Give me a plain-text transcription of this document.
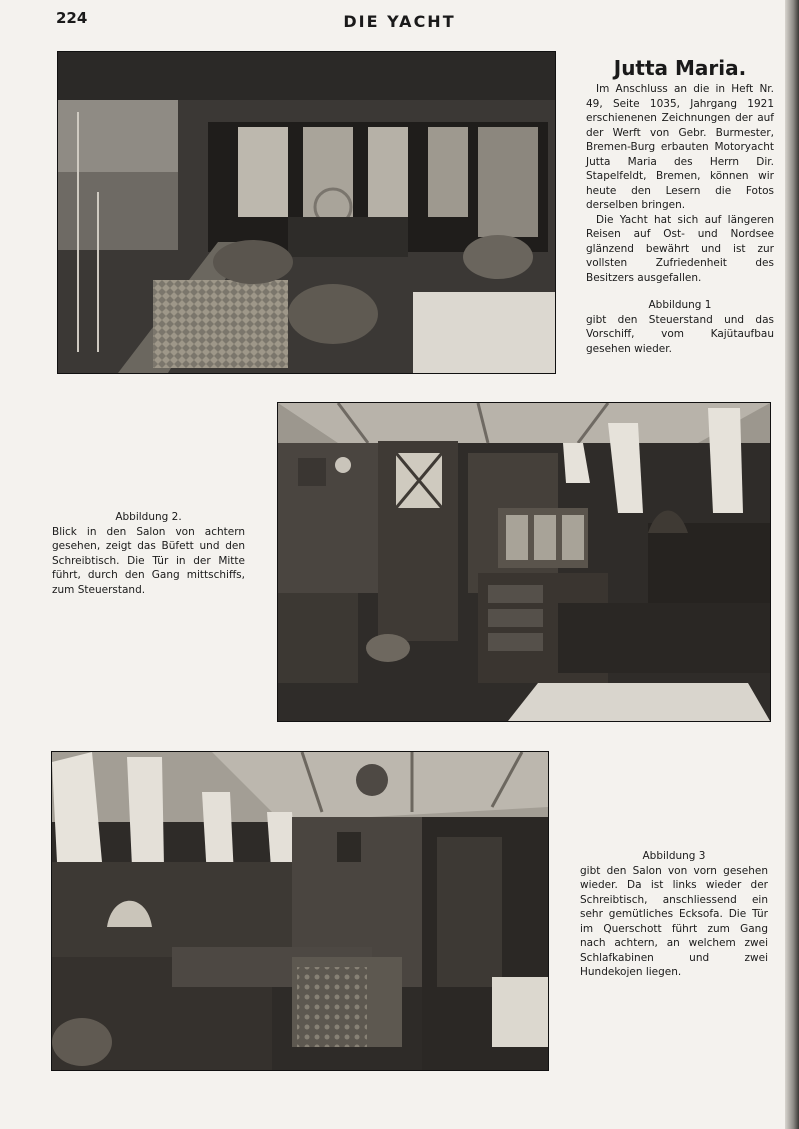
224	DIE YACHT
Jutta Maria.

Im Anschluss an die in Heft Nr. 49, Seite 1035, Jahrgang 1921 erschienenen Zeichnungen der auf der Werft von Gebr. Burmester, Bremen-Burg erbauten Motoryacht Jutta Maria des Herrn Dir. Stapelfeldt, Bremen, können wir heute den Lesern die Fotos derselben bringen.

Die Yacht hat sich auf längeren Reisen auf Ost- und Nordsee glänzend bewährt und ist zur vollsten Zufriedenheit des Besitzers ausgefallen.

Abbildung 1

gibt den Steuerstand und das Vorschiff, vom Kajütaufbau gesehen wieder.

Abbildung 2.

Blick in den Salon von achtern gesehen, zeigt das Büfett und den Schreibtisch. Die Tür in der Mitte führt, durch den Gang mittschiffs, zum Steuerstand.

Abbildung 3

gibt den Salon von vorn gesehen wieder. Da ist links wieder der Schreibtisch, anschliessend ein sehr gemütliches Ecksofa. Die Tür im Querschott führt zum Gang nach achtern, an welchem zwei Schlafkabinen und zwei Hundekojen liegen.
